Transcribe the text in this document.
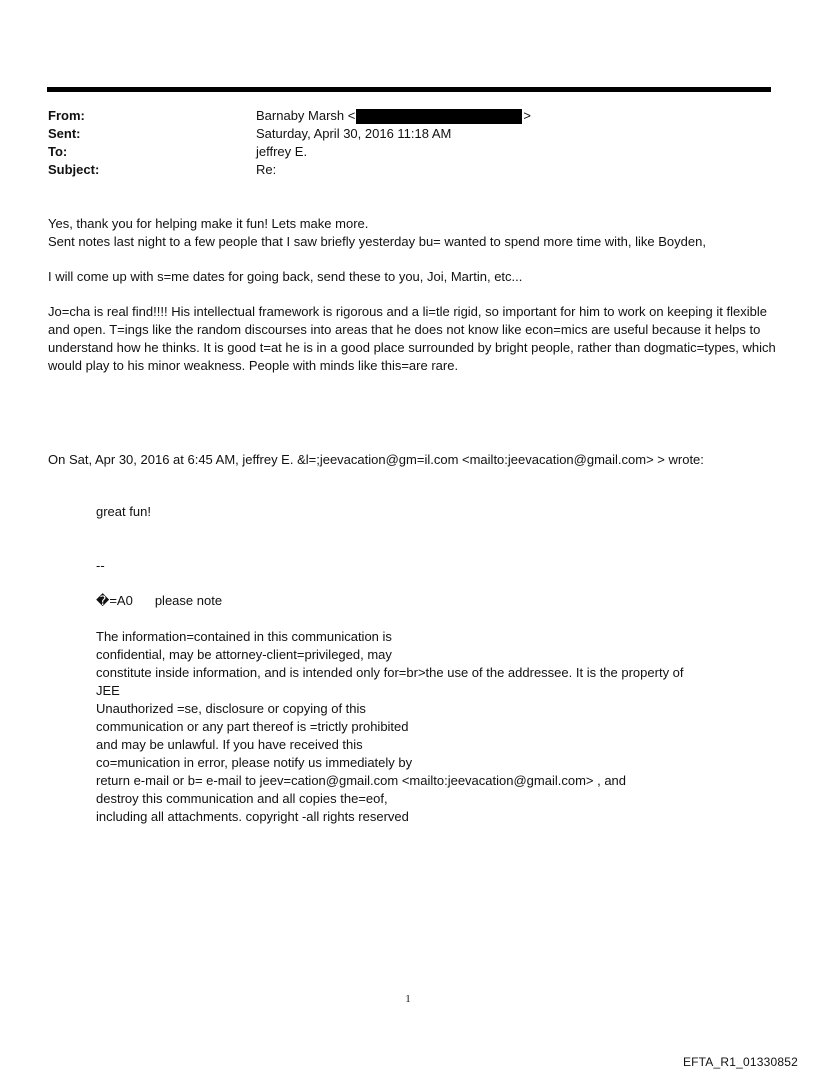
From:	Barnaby Marsh <	>
Sent:	Saturday, April 30, 2016 11:18 AM
To:	jeffrey E.
Subject:	Re:

Yes, thank you for helping make it fun! Lets make more.

Sent notes last night to a few people that I saw briefly yesterday bu= wanted to spend more time with, like Boyden,

I will come up with s=me dates for going back, send these to you, Joi, Martin, etc...

Jo=cha is real find!!!! His intellectual framework is rigorous and a li=tle rigid, so important for him to work on keeping it flexible and open. T=ings like the random discourses into areas that he does not know like econ=mics are useful because it helps to understand how he thinks. It is good t=at he is in a good place surrounded by bright people, rather than dogmatic=types, which would play to his minor weakness. People with minds like this=are rare.

On Sat, Apr 30, 2016 at 6:45 AM, jeffrey E. &l=;jeevacation@gm=il.com <mailto:jeevacation@gmail.com> > wrote:

great fun!

--

�=A0 please note

The information=contained in this communication is

confidential, may be attorney-client=privileged, may

constitute inside information, and is intended only for=br>the use of the addressee. It is the property of

JEE

Unauthorized =se, disclosure or copying of this

communication or any part thereof is =trictly prohibited

and may be unlawful. If you have received this

co=munication in error, please notify us immediately by

return e-mail or b= e-mail to jeev=cation@gmail.com <mailto:jeevacation@gmail.com> , and

destroy this communication and all copies the=eof,

including all attachments. copyright -all rights reserved

1
EFTA_R1_01330852
